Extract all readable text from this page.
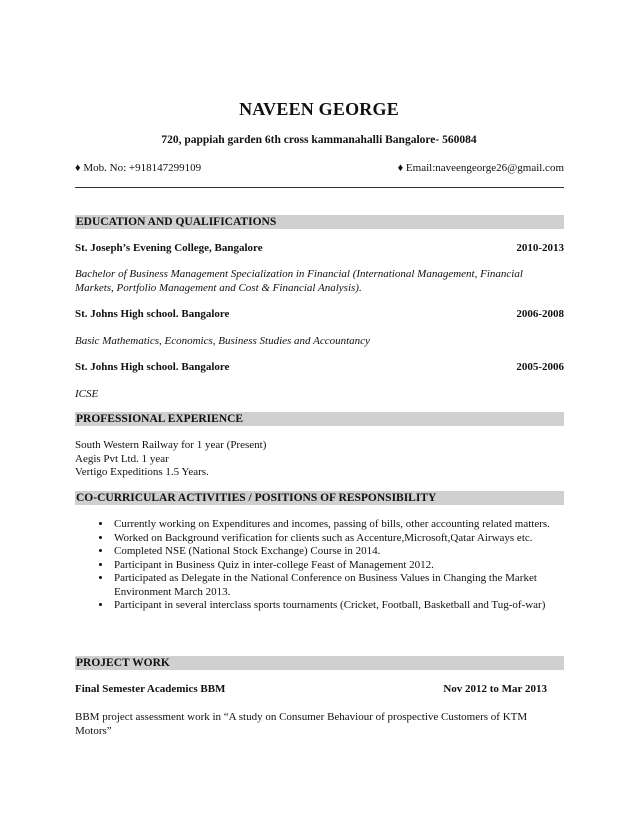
NAVEEN GEORGE
720, pappiah garden 6th cross kammanahalli Bangalore- 560084
♦ Mob. No: +918147299109	♦ Email:naveengeorge26@gmail.com
EDUCATION AND QUALIFICATIONS
St. Joseph’s Evening College, Bangalore	2010-2013
Bachelor of Business Management Specialization in Financial (International Management, Financial Markets, Portfolio Management and Cost & Financial Analysis).
St. Johns High school. Bangalore	2006-2008
Basic Mathematics, Economics, Business Studies and Accountancy
St. Johns High school. Bangalore	2005-2006
ICSE
PROFESSIONAL EXPERIENCE
South Western Railway for 1 year (Present)
Aegis Pvt Ltd. 1 year
Vertigo Expeditions 1.5 Years.
CO-CURRICULAR ACTIVITIES / POSITIONS OF RESPONSIBILITY
• Currently working on Expenditures and incomes, passing of bills, other accounting related matters.
• Worked on Background verification for clients such as Accenture,Microsoft,Qatar Airways etc.
• Completed NSE (National Stock Exchange) Course in 2014.
• Participant in Business Quiz in inter-college Feast of Management 2012.
• Participated as Delegate in the National Conference on Business Values in Changing the Market Environment March 2013.
• Participant in several interclass sports tournaments (Cricket, Football, Basketball and Tug-of-war)
PROJECT WORK
Final Semester Academics BBM	Nov 2012 to Mar 2013
BBM project assessment work in “A study on Consumer Behaviour of prospective Customers of KTM Motors”
